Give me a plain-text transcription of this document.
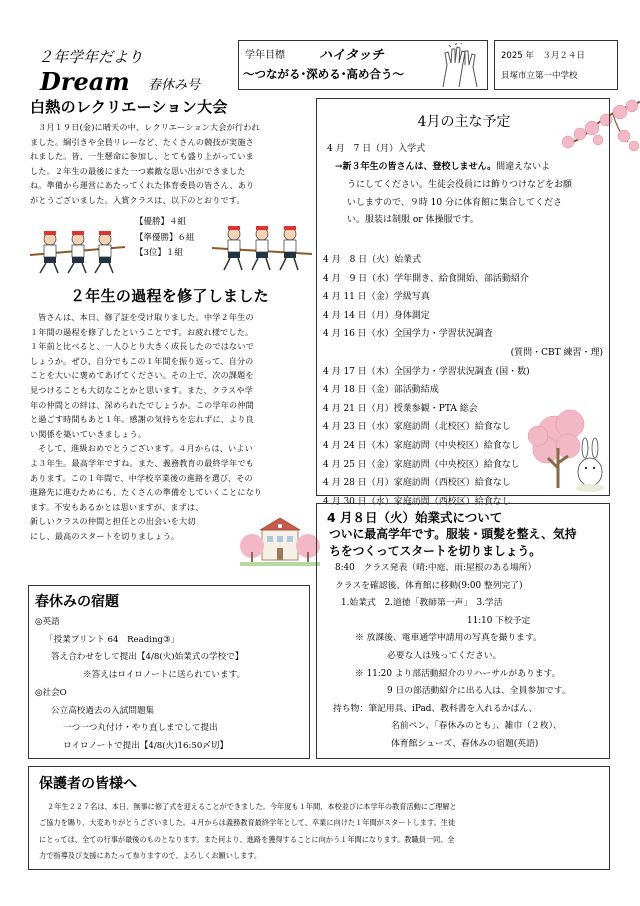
２年学年だより Dream	春休み号
学年目標	ハイタッチ
～つながる･深める･高め合う～
2025 年　３月２４日
貝塚市立第一中学校
白熱のレクリエーション大会

３月１９日(金)に晴天の中、レクリエーション大会が行われ

ました。綱引きや全員リレーなど、たくさんの競技が実施さ

れました。皆、一生懸命に参加し、とても盛り上がっていま

した。２年生の最後にまた一つ素敵な思い出ができました

ね。準備から運営にあたってくれた体育委員の皆さん、あり

がとうございました。入賞クラスは、以下のとおりです。

【優勝】４組
【準優勝】６組
【3位】１組
２年生の過程を修了しました

皆さんは、本日、修了証を受け取りました。中学２年生の

１年間の過程を修了したということです。お疲れ様でした。

１年前と比べると、一人ひとり大きく成長したのではないで

しょうか。ぜひ、自分でもこの１年間を振り返って、自分の

ことを大いに褒めてあげてください。その上で、次の課題を

見つけることも大切なことかと思います。また、クラスや学

年の仲間との絆は、深められたでしょうか。この学年の仲間

と過ごす時間もあと１年。感謝の気持ちを忘れずに、より良

い関係を築いていきましょう。

そして、進級おめでとうございます。４月からは、いよい

よ３年生。最高学年ですね。また、義務教育の最終学年でも

あります。この１年間で、中学校卒業後の進路を選び、その

進路先に進むためにも、たくさんの準備をしていくことになり

ます。不安もあるかとは思いますが、まずは、

新しいクラスの仲間と担任との出会いを大切

にし、最高のスタートを切りましょう。

春休みの宿題
◎英語
「授業プリント 64　Reading③」
答え合わせをして提出【4/8(火)始業式の学校で】
※答えはロイロノートに送られています。
◎社会O
公立高校過去の入試問題集
一つ一つ丸付け・やり直しまでして提出
ロイロノートで提出【4/8(火)16:50〆切】
4月の主な予定
4 月　7 日（月）入学式
→新３年生の皆さんは、登校しません。間違えないよ
うにしてください。生徒会役員には飾りつけなどをお願
いしますので、９時 10 分に体育館に集合してくださ
い。服装は制服 or 体操服です。
4 月　8 日（火）始業式
4 月　9 日（水）学年開き、給食開始、部活動紹介
4 月 11 日（金）学級写真
4 月 14 日（月）身体測定
4 月 16 日（水）全国学力・学習状況調査
(質問・CBT 練習・理)
4 月 17 日（木）全国学力・学習状況調査 (国・数)
4 月 18 日（金）部活動結成
4 月 21 日（月）授業参観・PTA 総会
4 月 23 日（水）家庭訪問（北校区）給食なし
4 月 24 日（木）家庭訪問（中央校区）給食なし
4 月 25 日（金）家庭訪問（中央校区）給食なし
4 月 28 日（月）家庭訪問（西校区）給食なし
4 月 30 日（水）家庭訪問（西校区）給食なし
4 月８日（火）始業式について
ついに最高学年です。服装・頭髪を整え、気持
ちをつくってスタートを切りましょう。
8:40　クラス発表（晴:中庭、雨:屋根のある場所）
クラスを確認後、体育館に移動(9:00 整列完了)
1.始業式　2.道徳「教師第一声」　3.学活
11:10 下校予定
※ 放課後、電車通学申請用の写真を撮ります。
必要な人は残ってください。
※ 11:20 より部活動紹介のリハーサルがあります。
9 日の部活動紹介に出る人は、全員参加です。
持ち物：筆記用具、iPad、教科書を入れるかばん、
名前ペン、「春休みのとも」、雑巾（２枚）、
体育館シューズ、春休みの宿題(英語)
保護者の皆様へ
２年生２２７名は、本日、無事に修了式を迎えることができました。今年度も１年間、本校並びに本学年の教育活動にご理解と
ご協力を賜り、大変ありがとうございました。４月からは義務教育最終学年として、卒業に向けた１年間がスタートします。生徒
にとっては、全ての行事が最後のものとなります。また何より、進路を獲得することに向かう１年間になります。教職員一同、全
力で指導及び支援にあたって参りますので、よろしくお願いします。
